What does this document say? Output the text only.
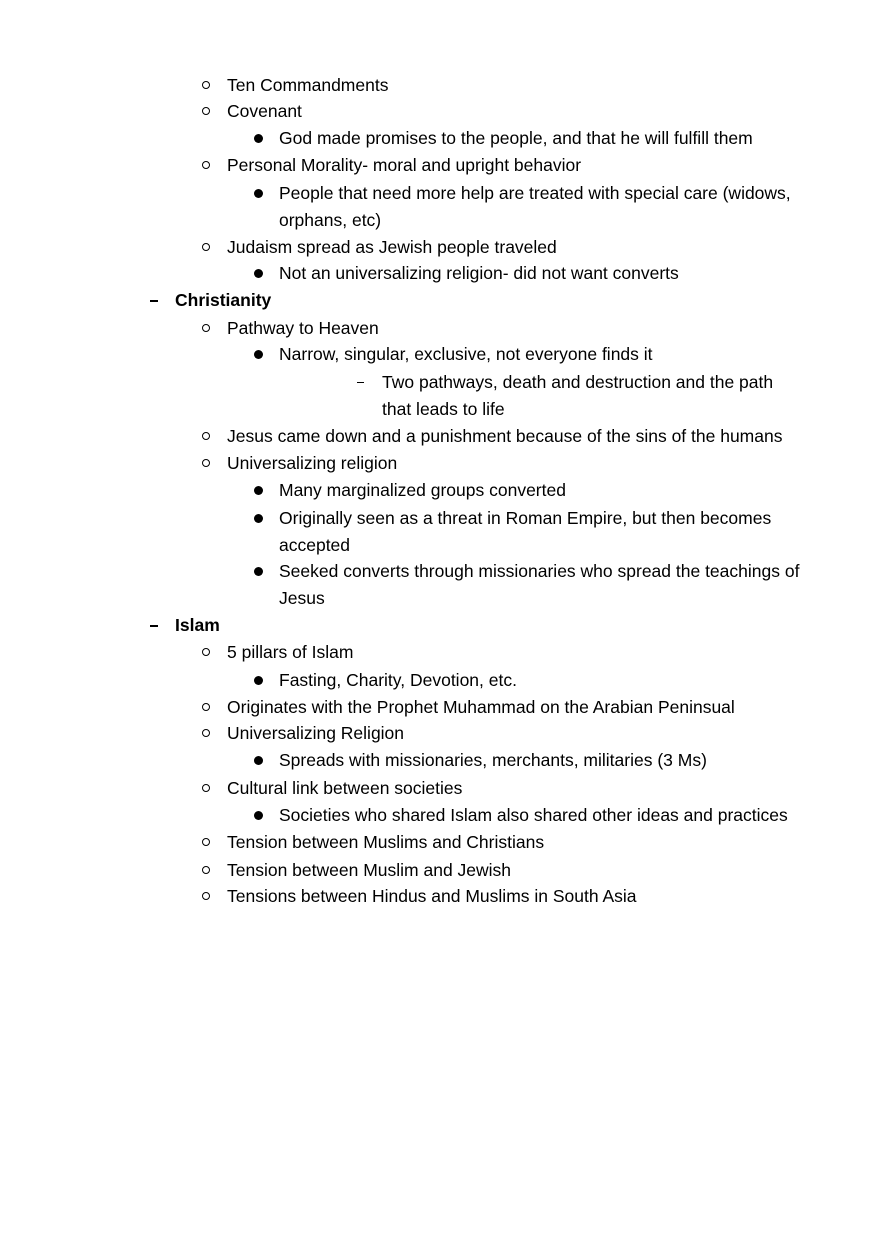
Ten Commandments
Covenant
God made promises to the people, and that he will fulfill them
Personal Morality- moral and upright behavior
People that need more help are treated with special care (widows,
orphans, etc)
Judaism spread as Jewish people traveled
Not an universalizing religion- did not want converts
Christianity
Pathway to Heaven
Narrow, singular, exclusive, not everyone finds it
Two pathways, death and destruction and the path
that leads to life
Jesus came down and a punishment because of the sins of the humans
Universalizing religion
Many marginalized groups converted
Originally seen as a threat in Roman Empire, but then becomes
accepted
Seeked converts through missionaries who spread the teachings of
Jesus
Islam
5 pillars of Islam
Fasting, Charity, Devotion, etc.
Originates with the Prophet Muhammad on the Arabian Peninsual
Universalizing Religion
Spreads with missionaries, merchants, militaries (3 Ms)
Cultural link between societies
Societies who shared Islam also shared other ideas and practices
Tension between Muslims and Christians
Tension between Muslim and Jewish
Tensions between Hindus and Muslims in South Asia
